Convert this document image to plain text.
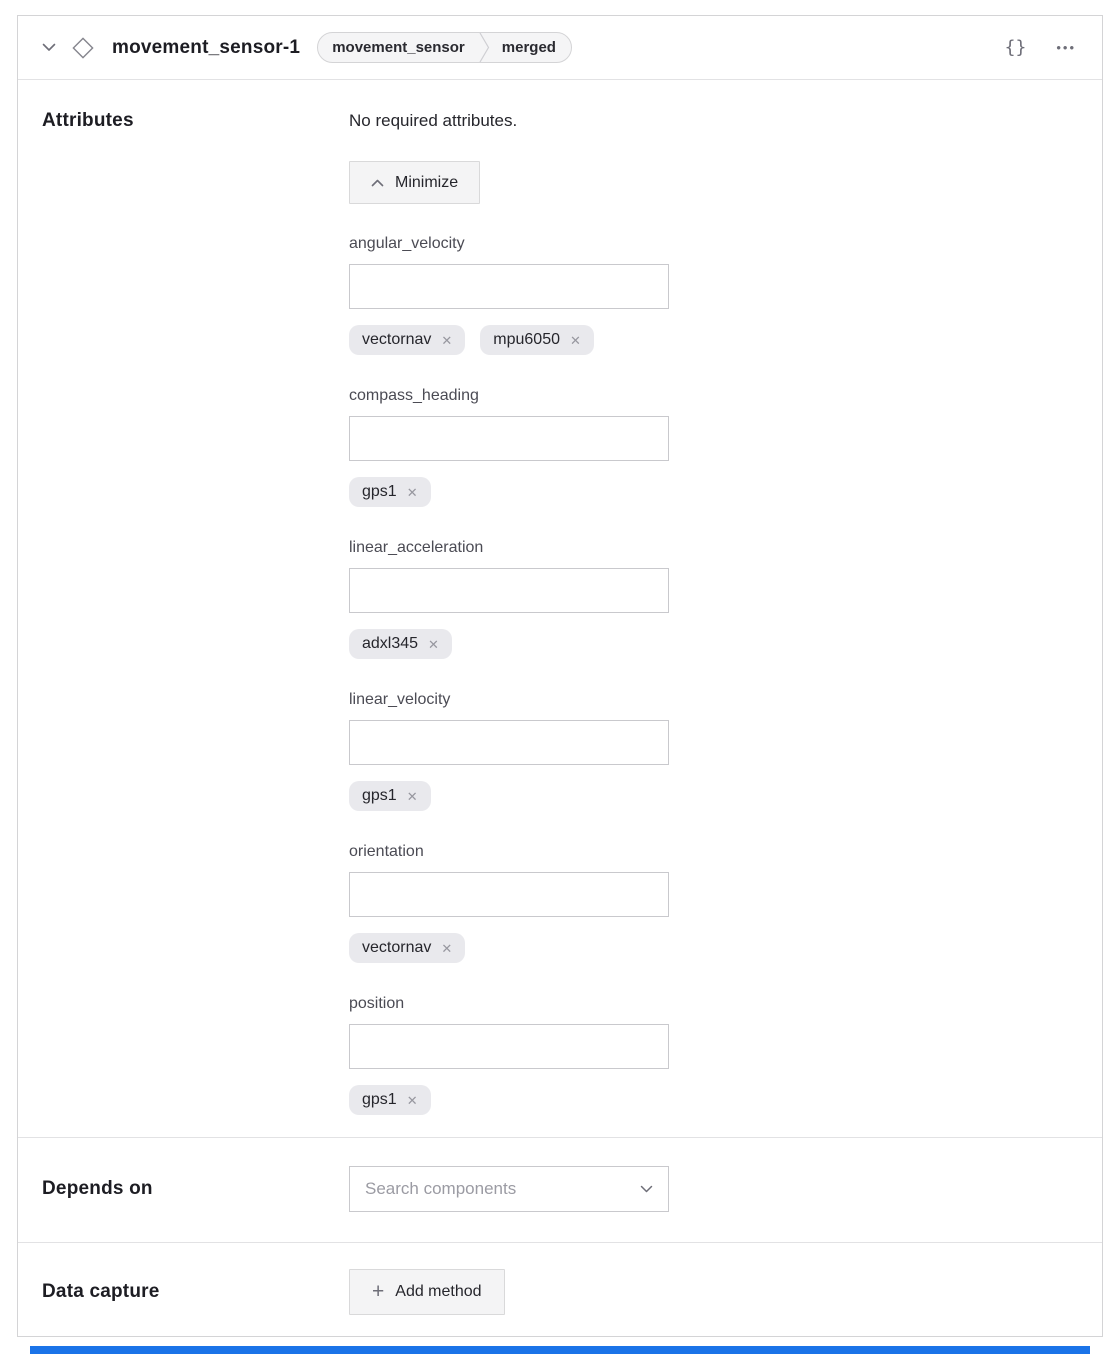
movement_sensor-1	movement_sensor	merged	{} •••
Attributes	No required attributes.
Minimize
angular_velocity
vectornav ✕	mpu6050 ✕
compass_heading
gps1 ✕
linear_acceleration
adxl345 ✕
linear_velocity
gps1 ✕
orientation
vectornav ✕
position
gps1 ✕
Depends on	Search components
Data capture	+ Add method
